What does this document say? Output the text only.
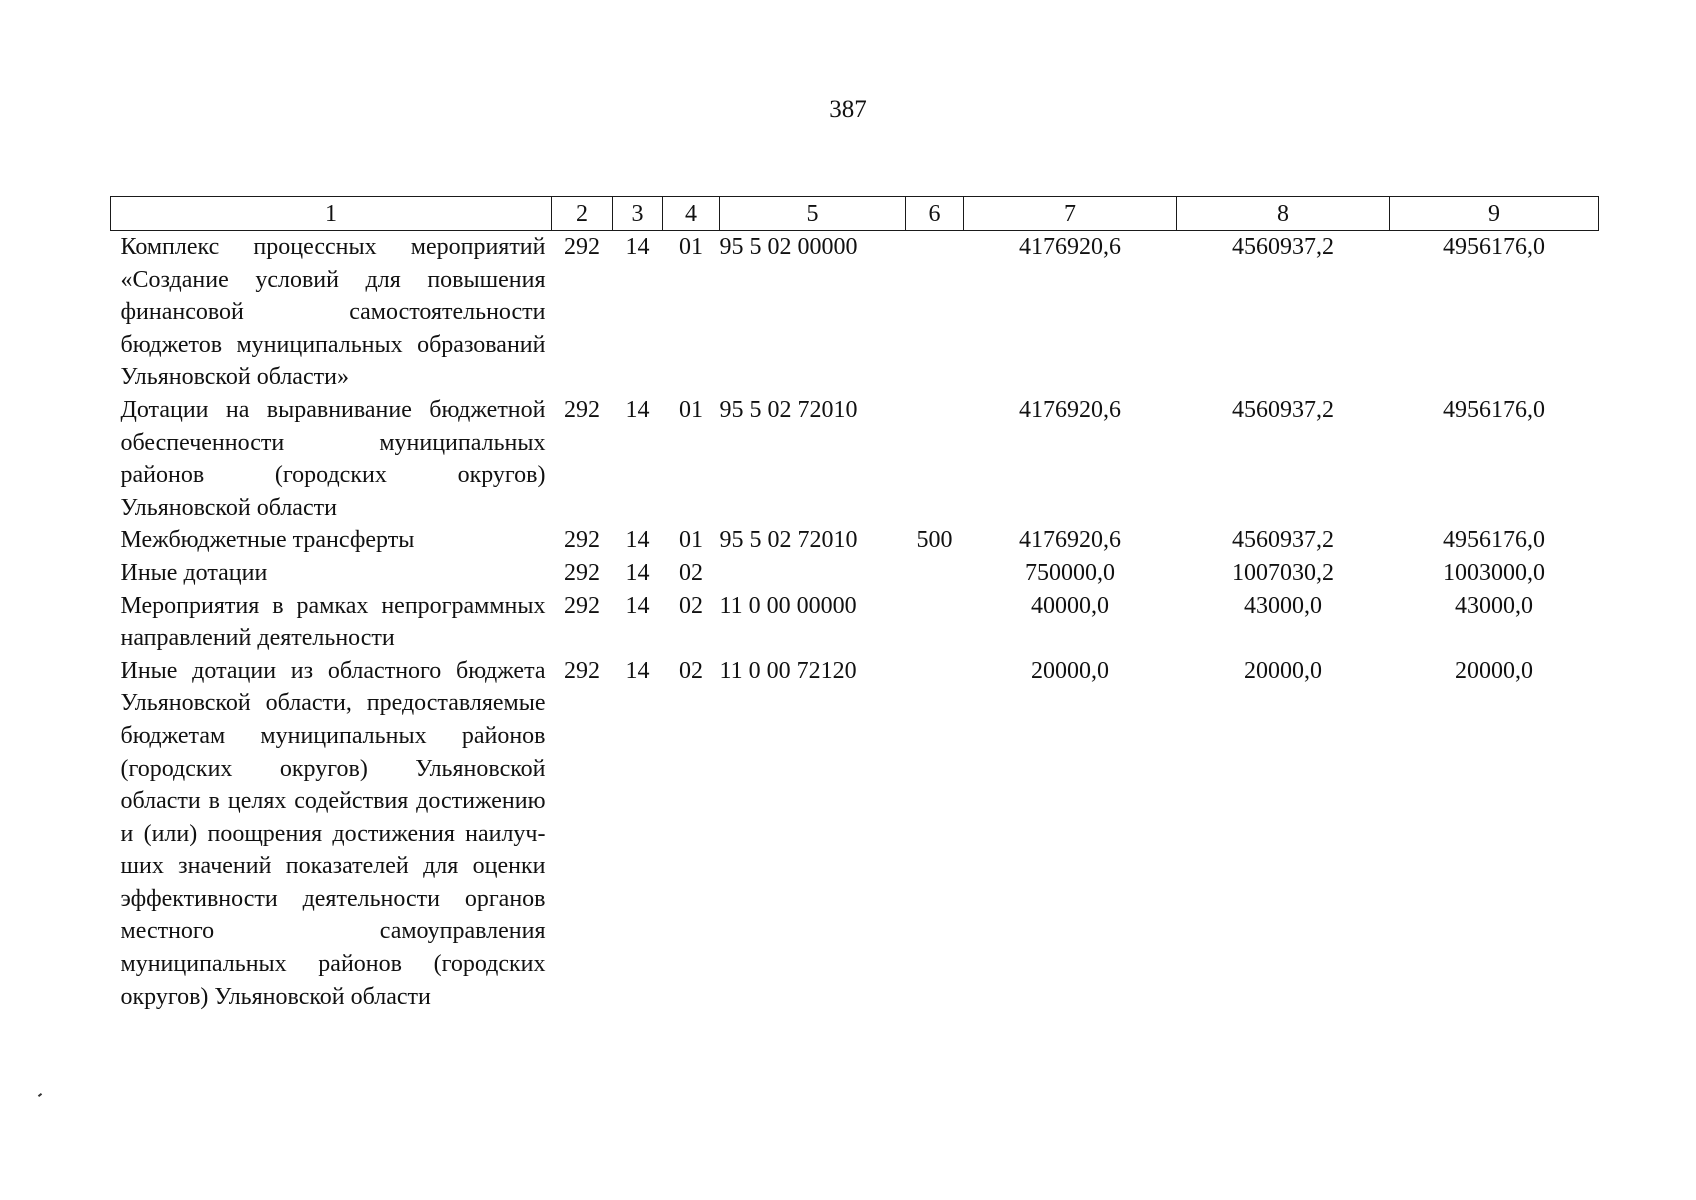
387
1	2	3	4	5	6	7	8	9
Комплекс процессных мероприятий «Создание условий для повышения финансовой самостоятельности бюджетов муниципальных образований Ульяновской области»	292	14	01	95 5 02 00000		4176920,6	4560937,2	4956176,0
Дотации на выравнивание бюджетной обеспеченности муниципальных районов (городских округов) Ульяновской области	292	14	01	95 5 02 72010		4176920,6	4560937,2	4956176,0
Межбюджетные трансферты	292	14	01	95 5 02 72010	500	4176920,6	4560937,2	4956176,0
Иные дотации	292	14	02			750000,0	1007030,2	1003000,0
Мероприятия в рамках непрограммных направлений деятельности	292	14	02	11 0 00 00000		40000,0	43000,0	43000,0
Иные дотации из областного бюджета Ульяновской области, предоставляемые бюджетам муниципальных районов (городских округов) Ульяновской области в целях содействия достижению и (или) поощрения достижения наилучших значений показателей для оценки эффективности деятельности органов местного самоуправления муниципальных районов (городских округов) Ульяновской области	292	14	02	11 0 00 72120		20000,0	20000,0	20000,0
